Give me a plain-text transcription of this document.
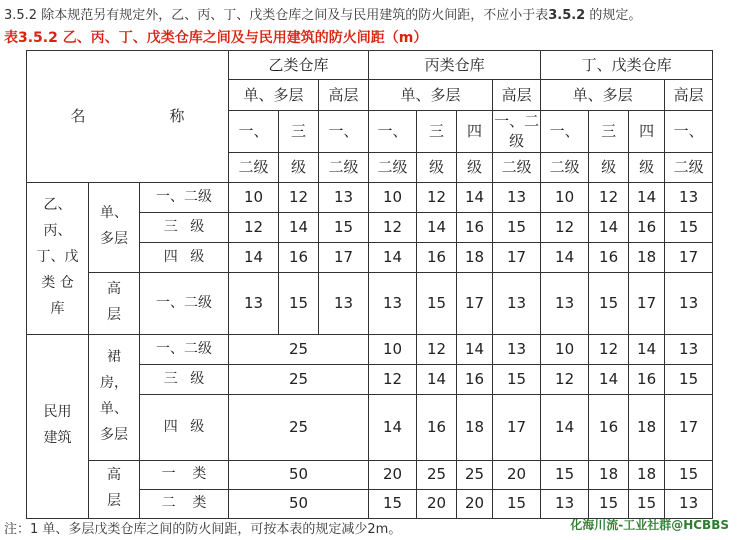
3.5.2 除本规范另有规定外，乙、丙、丁、戊类仓库之间及与民用建筑的防火间距，不应小于表3.5.2 的规定。
表3.5.2 乙、丙、丁、戊类仓库之间及与民用建筑的防火间距（m）
名　　称			乙类仓库			丙类仓库				丁、戊类仓库			
			单、多层		高层	单、多层			高层	单、多层			高层
			一、	三	一、	一、	三	四	一、二级	一、	三	四	一、
			二级	级	二级	二级	级	级	二级	二级	级	级	二级
乙、
丙、
丁、戊
类 仓
库	单、
多层	一、二级	10	12	13	10	12	14	13	10	12	14	13
		三级	12	14	15	12	14	16	15	12	14	16	15
		四级	14	16	17	14	16	18	17	14	16	18	17
	高
层	一、二级	13	15	13	13	15	17	13	13	15	17	13
民用
建筑	裙
房，
单、
多层	一、二级	25			10	12	14	13	10	12	14	13
		三级	25			12	14	16	15	12	14	16	15
		四级	25			14	16	18	17	14	16	18	17
	高
层	一类	50			20	25	25	20	15	18	18	15
		二类	50			15	20	20	15	13	15	15	13
注：1 单、多层戊类仓库之间的防火间距，可按本表的规定减少2m。	化海川流-工业社群@HCBBS
